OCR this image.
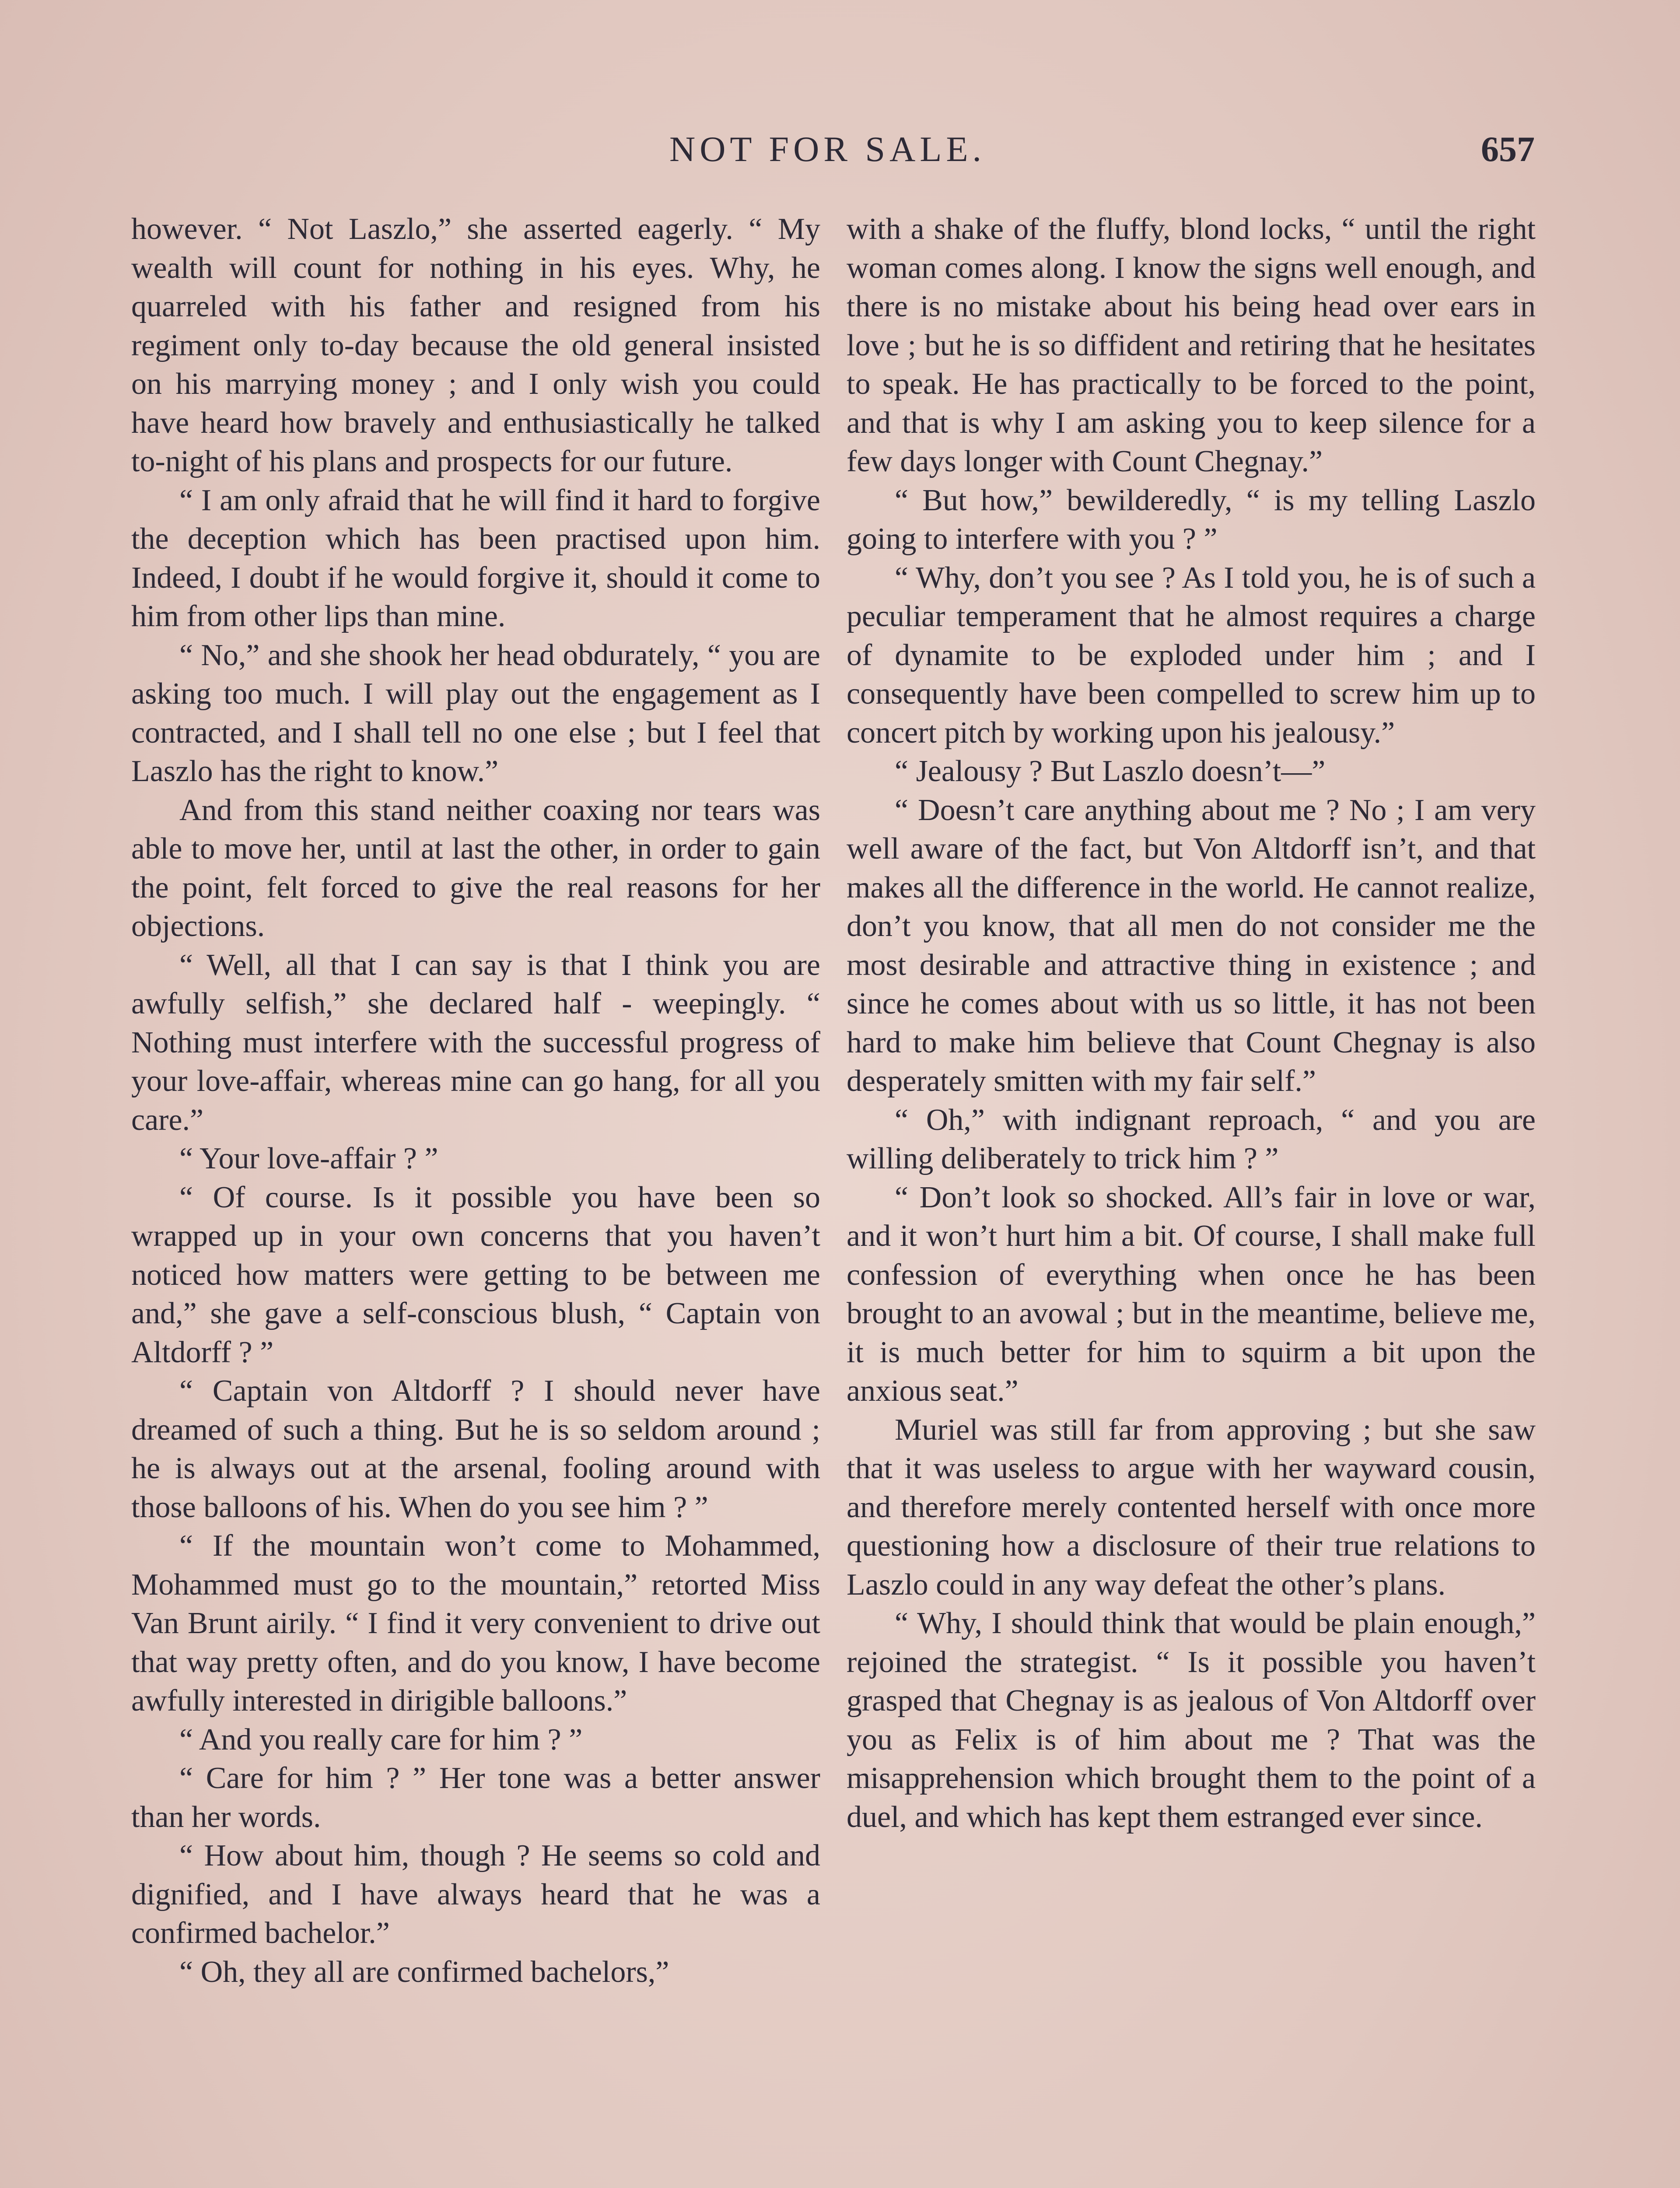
NOT FOR SALE.	657

however. “ Not Laszlo,” she asserted eagerly. “ My wealth will count for nothing in his eyes. Why, he quarreled with his father and resigned from his regiment only to-day because the old general insisted on his marrying money ; and I only wish you could have heard how bravely and enthusiastically he talked to-night of his plans and prospects for our future.

“ I am only afraid that he will find it hard to forgive the deception which has been practised upon him. Indeed, I doubt if he would forgive it, should it come to him from other lips than mine.

“ No,” and she shook her head obdurately, “ you are asking too much. I will play out the engagement as I contracted, and I shall tell no one else ; but I feel that Laszlo has the right to know.”

And from this stand neither coaxing nor tears was able to move her, until at last the other, in order to gain the point, felt forced to give the real reasons for her objections.

“ Well, all that I can say is that I think you are awfully selfish,” she declared half - weepingly. “ Nothing must interfere with the successful progress of your love-affair, whereas mine can go hang, for all you care.”

“ Your love-affair ? ”

“ Of course. Is it possible you have been so wrapped up in your own concerns that you haven’t noticed how matters were getting to be between me and,” she gave a self-conscious blush, “ Captain von Altdorff ? ”

“ Captain von Altdorff ? I should never have dreamed of such a thing. But he is so seldom around ; he is always out at the arsenal, fooling around with those balloons of his. When do you see him ? ”

“ If the mountain won’t come to Mohammed, Mohammed must go to the mountain,” retorted Miss Van Brunt airily. “ I find it very convenient to drive out that way pretty often, and do you know, I have become awfully interested in dirigible balloons.”

“ And you really care for him ? ”

“ Care for him ? ” Her tone was a better answer than her words.

“ How about him, though ? He seems so cold and dignified, and I have always heard that he was a confirmed bachelor.”

“ Oh, they all are confirmed bachelors,”

with a shake of the fluffy, blond locks, “ until the right woman comes along. I know the signs well enough, and there is no mistake about his being head over ears in love ; but he is so diffident and retiring that he hesitates to speak. He has practically to be forced to the point, and that is why I am asking you to keep silence for a few days longer with Count Chegnay.”

“ But how,” bewilderedly, “ is my telling Laszlo going to interfere with you ? ”

“ Why, don’t you see ? As I told you, he is of such a peculiar temperament that he almost requires a charge of dynamite to be exploded under him ; and I consequently have been compelled to screw him up to concert pitch by working upon his jealousy.”

“ Jealousy ? But Laszlo doesn’t—”

“ Doesn’t care anything about me ? No ; I am very well aware of the fact, but Von Altdorff isn’t, and that makes all the difference in the world. He cannot realize, don’t you know, that all men do not consider me the most desirable and attractive thing in existence ; and since he comes about with us so little, it has not been hard to make him believe that Count Chegnay is also desperately smitten with my fair self.”

“ Oh,” with indignant reproach, “ and you are willing deliberately to trick him ? ”

“ Don’t look so shocked. All’s fair in love or war, and it won’t hurt him a bit. Of course, I shall make full confession of everything when once he has been brought to an avowal ; but in the meantime, believe me, it is much better for him to squirm a bit upon the anxious seat.”

Muriel was still far from approving ; but she saw that it was useless to argue with her wayward cousin, and therefore merely contented herself with once more questioning how a disclosure of their true relations to Laszlo could in any way defeat the other’s plans.

“ Why, I should think that would be plain enough,” rejoined the strategist. “ Is it possible you haven’t grasped that Chegnay is as jealous of Von Altdorff over you as Felix is of him about me ? That was the misapprehension which brought them to the point of a duel, and which has kept them estranged ever since.
